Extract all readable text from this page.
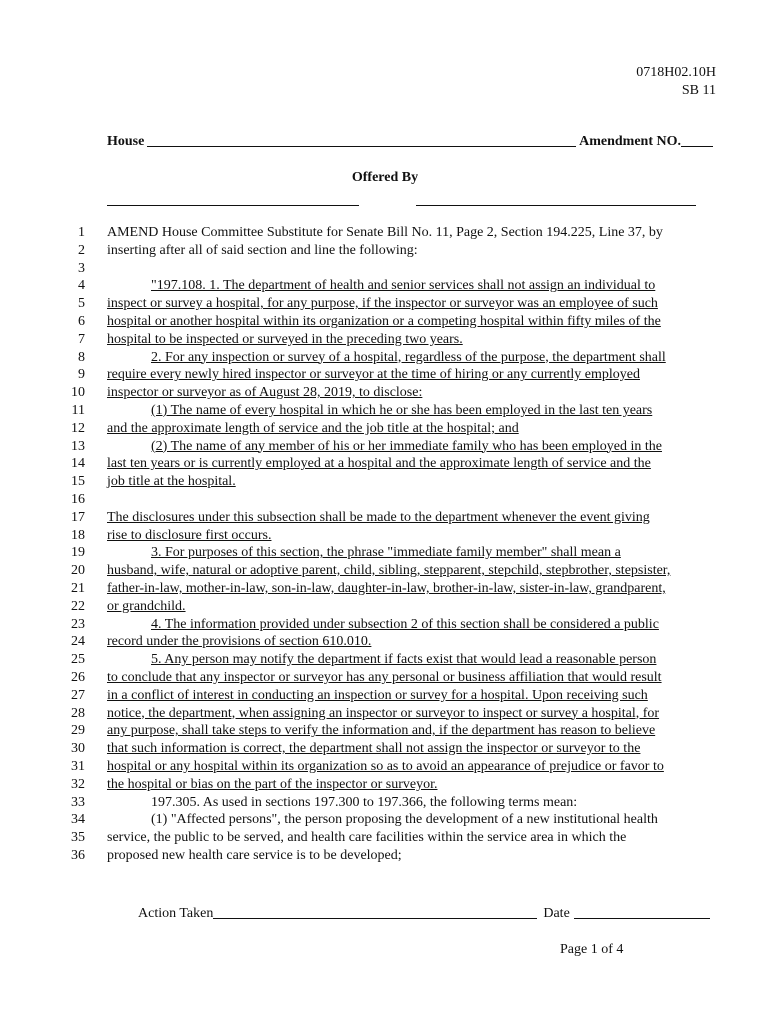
0718H02.10H
SB 11
House	Amendment NO.
Offered By
1 AMEND House Committee Substitute for Senate Bill No. 11, Page 2, Section 194.225, Line 37, by
2 inserting after all of said section and line the following:
3
4	"197.108. 1. The department of health and senior services shall not assign an individual to
5 inspect or survey a hospital, for any purpose, if the inspector or surveyor was an employee of such
6 hospital or another hospital within its organization or a competing hospital within fifty miles of the
7 hospital to be inspected or surveyed in the preceding two years.
8	2. For any inspection or survey of a hospital, regardless of the purpose, the department shall
9 require every newly hired inspector or surveyor at the time of hiring or any currently employed
10 inspector or surveyor as of August 28, 2019, to disclose:
11	(1) The name of every hospital in which he or she has been employed in the last ten years
12 and the approximate length of service and the job title at the hospital; and
13	(2) The name of any member of his or her immediate family who has been employed in the
14 last ten years or is currently employed at a hospital and the approximate length of service and the
15 job title at the hospital.
16
17 The disclosures under this subsection shall be made to the department whenever the event giving
18 rise to disclosure first occurs.
19	3. For purposes of this section, the phrase "immediate family member" shall mean a
20 husband, wife, natural or adoptive parent, child, sibling, stepparent, stepchild, stepbrother, stepsister,
21 father-in-law, mother-in-law, son-in-law, daughter-in-law, brother-in-law, sister-in-law, grandparent,
22 or grandchild.
23	4. The information provided under subsection 2 of this section shall be considered a public
24 record under the provisions of section 610.010.
25	5. Any person may notify the department if facts exist that would lead a reasonable person
26 to conclude that any inspector or surveyor has any personal or business affiliation that would result
27 in a conflict of interest in conducting an inspection or survey for a hospital. Upon receiving such
28 notice, the department, when assigning an inspector or surveyor to inspect or survey a hospital, for
29 any purpose, shall take steps to verify the information and, if the department has reason to believe
30 that such information is correct, the department shall not assign the inspector or surveyor to the
31 hospital or any hospital within its organization so as to avoid an appearance of prejudice or favor to
32 the hospital or bias on the part of the inspector or surveyor.
33	197.305. As used in sections 197.300 to 197.366, the following terms mean:
34	(1) "Affected persons", the person proposing the development of a new institutional health
35 service, the public to be served, and health care facilities within the service area in which the
36 proposed new health care service is to be developed;
Action Taken	Date
Page 1 of 4
